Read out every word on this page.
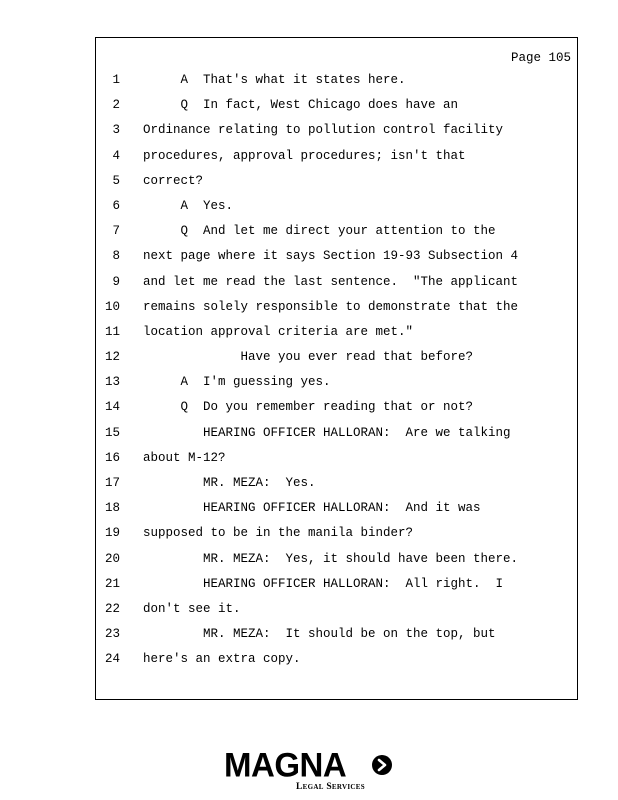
Page 105
1 A  That's what it states here.
2 Q  In fact, West Chicago does have an
3 Ordinance relating to pollution control facility
4 procedures, approval procedures; isn't that
5 correct?
6 A  Yes.
7 Q  And let me direct your attention to the
8 next page where it says Section 19-93 Subsection 4
9 and let me read the last sentence.  "The applicant
10 remains solely responsible to demonstrate that the
11 location approval criteria are met."
12 Have you ever read that before?
13 A  I'm guessing yes.
14 Q  Do you remember reading that or not?
15 HEARING OFFICER HALLORAN:  Are we talking
16 about M-12?
17 MR. MEZA:  Yes.
18 HEARING OFFICER HALLORAN:  And it was
19 supposed to be in the manila binder?
20 MR. MEZA:  Yes, it should have been there.
21 HEARING OFFICER HALLORAN:  All right.  I
22 don't see it.
23 MR. MEZA:  It should be on the top, but
24 here's an extra copy.
MAGNA
Legal Services
